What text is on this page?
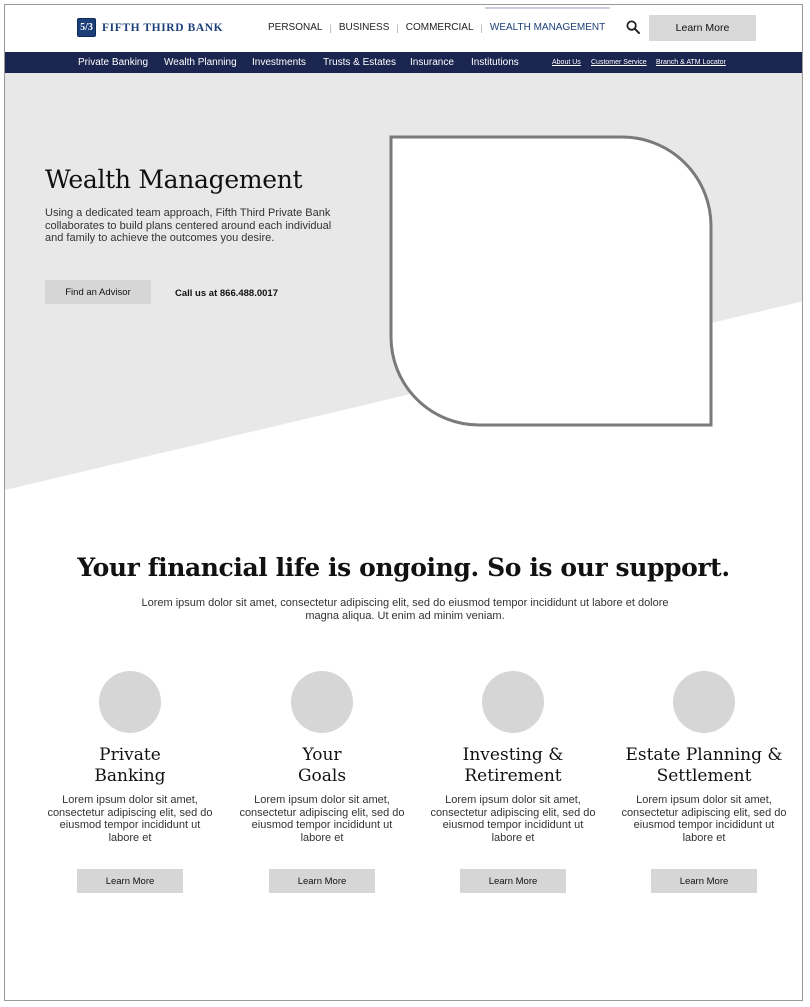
5/3 FIFTH THIRD BANK	PERSONAL | BUSINESS | COMMERCIAL | WEALTH MANAGEMENT	Learn More
Private Banking Wealth Planning Investments Trusts & Estates Insurance Institutions	About Us Customer Service Branch & ATM Locator
Wealth Management

Using a dedicated team approach, Fifth Third Private Bank collaborates to build plans centered around each individual and family to achieve the outcomes you desire.

Find an Advisor	Call us at 866.488.0017
Your financial life is ongoing. So is our support.

Lorem ipsum dolor sit amet, consectetur adipiscing elit, sed do eiusmod tempor incididunt ut labore et dolore magna aliqua. Ut enim ad minim veniam.

Private
Banking

Lorem ipsum dolor sit amet, consectetur adipiscing elit, sed do eiusmod tempor incididunt ut labore et

Learn More
Your
Goals

Lorem ipsum dolor sit amet, consectetur adipiscing elit, sed do eiusmod tempor incididunt ut labore et

Learn More
Investing &
Retirement

Lorem ipsum dolor sit amet, consectetur adipiscing elit, sed do eiusmod tempor incididunt ut labore et

Learn More
Estate Planning &
Settlement

Lorem ipsum dolor sit amet, consectetur adipiscing elit, sed do eiusmod tempor incididunt ut labore et

Learn More
